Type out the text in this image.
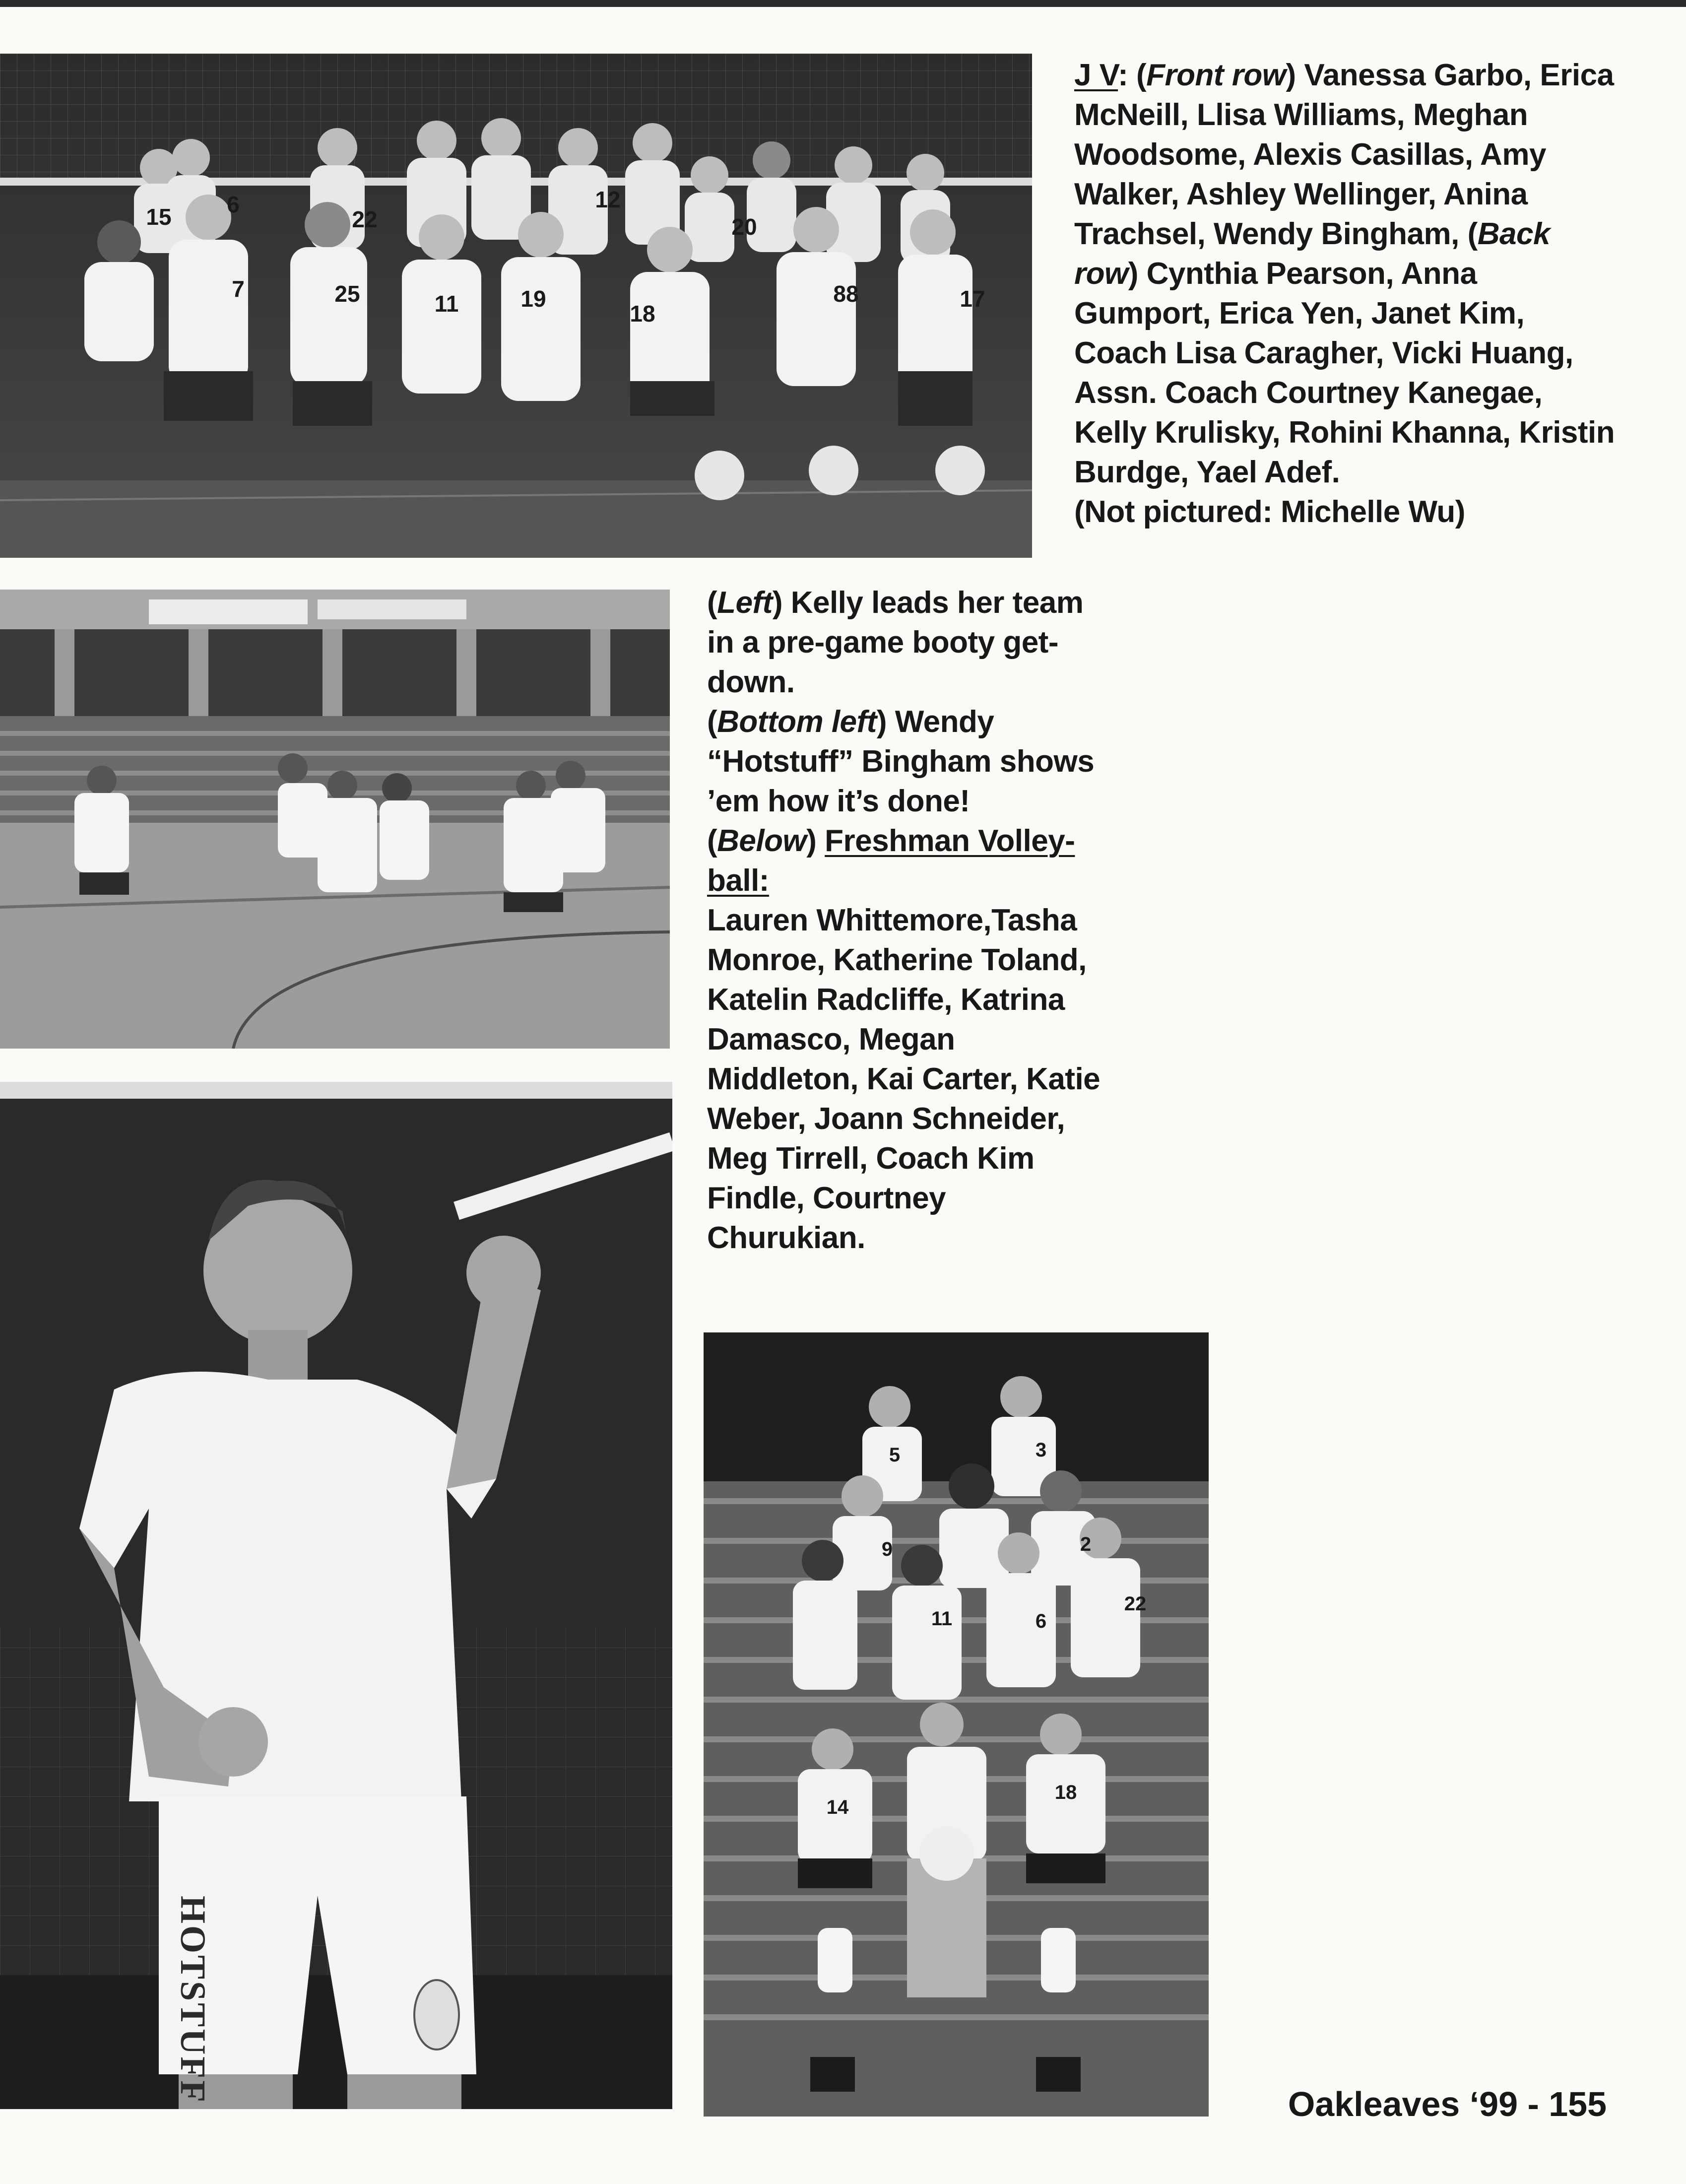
15 6
22
12
20
7	25	11	19
18
88	17

J V: (Front row) Vanessa Garbo, Erica McNeill, Llisa Williams, Meghan Woodsome, Alexis Casillas, Amy Walker, Ashley Wellinger, Anina Trachsel, Wendy Bingham, (Back row) Cynthia Pearson, Anna Gumport, Erica Yen, Janet Kim, Coach Lisa Caragher, Vicki Huang, Assn. Coach Courtney Kanegae, Kelly Krulisky, Rohini Khanna, Kristin Burdge, Yael Adef.

(Not pictured: Michelle Wu)

(Left) Kelly leads her team in a pre-game booty get-down.

(Bottom left) Wendy “Hotstuff” Bingham shows ’em how it’s done!

(Below) Freshman Volley-ball:

Lauren Whittemore,Tasha Monroe, Katherine Toland, Katelin Radcliffe, Katrina Damasco, Megan Middleton, Kai Carter, Katie Weber, Joann Schneider, Meg Tirrell, Coach Kim Findle, Courtney Churukian.

HOTSTUFF
5	3
9	2
11	6
22
14
18
Oakleaves ‘99 - 155
